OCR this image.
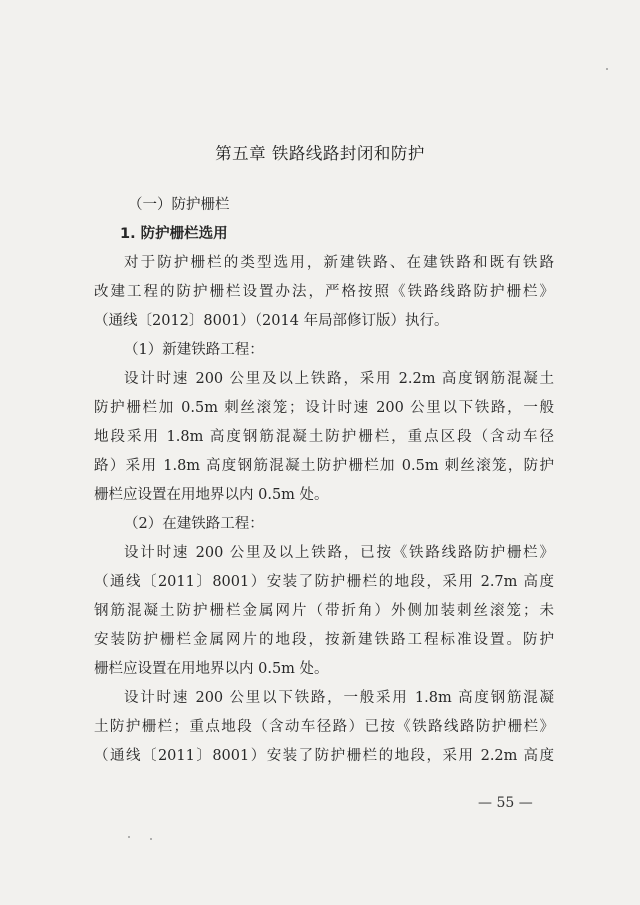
第五章 铁路线路封闭和防护
（一）防护栅栏
1. 防护栅栏选用
对于防护栅栏的类型选用，新建铁路、在建铁路和既有铁路
改建工程的防护栅栏设置办法，严格按照《铁路线路防护栅栏》
（通线〔2012〕8001）（2014 年局部修订版）执行。
（1）新建铁路工程：
设计时速 200 公里及以上铁路，采用 2.2m 高度钢筋混凝土
防护栅栏加 0.5m 刺丝滚笼；设计时速 200 公里以下铁路，一般
地段采用 1.8m 高度钢筋混凝土防护栅栏，重点区段（含动车径
路）采用 1.8m 高度钢筋混凝土防护栅栏加 0.5m 刺丝滚笼，防护
栅栏应设置在用地界以内 0.5m 处。
（2）在建铁路工程：
设计时速 200 公里及以上铁路，已按《铁路线路防护栅栏》
（通线〔2011〕8001）安装了防护栅栏的地段，采用 2.7m 高度
钢筋混凝土防护栅栏金属网片（带折角）外侧加装刺丝滚笼；未
安装防护栅栏金属网片的地段，按新建铁路工程标准设置。防护
栅栏应设置在用地界以内 0.5m 处。
设计时速 200 公里以下铁路，一般采用 1.8m 高度钢筋混凝
土防护栅栏；重点地段（含动车径路）已按《铁路线路防护栅栏》
（通线〔2011〕8001）安装了防护栅栏的地段，采用 2.2m 高度
— 55 —
